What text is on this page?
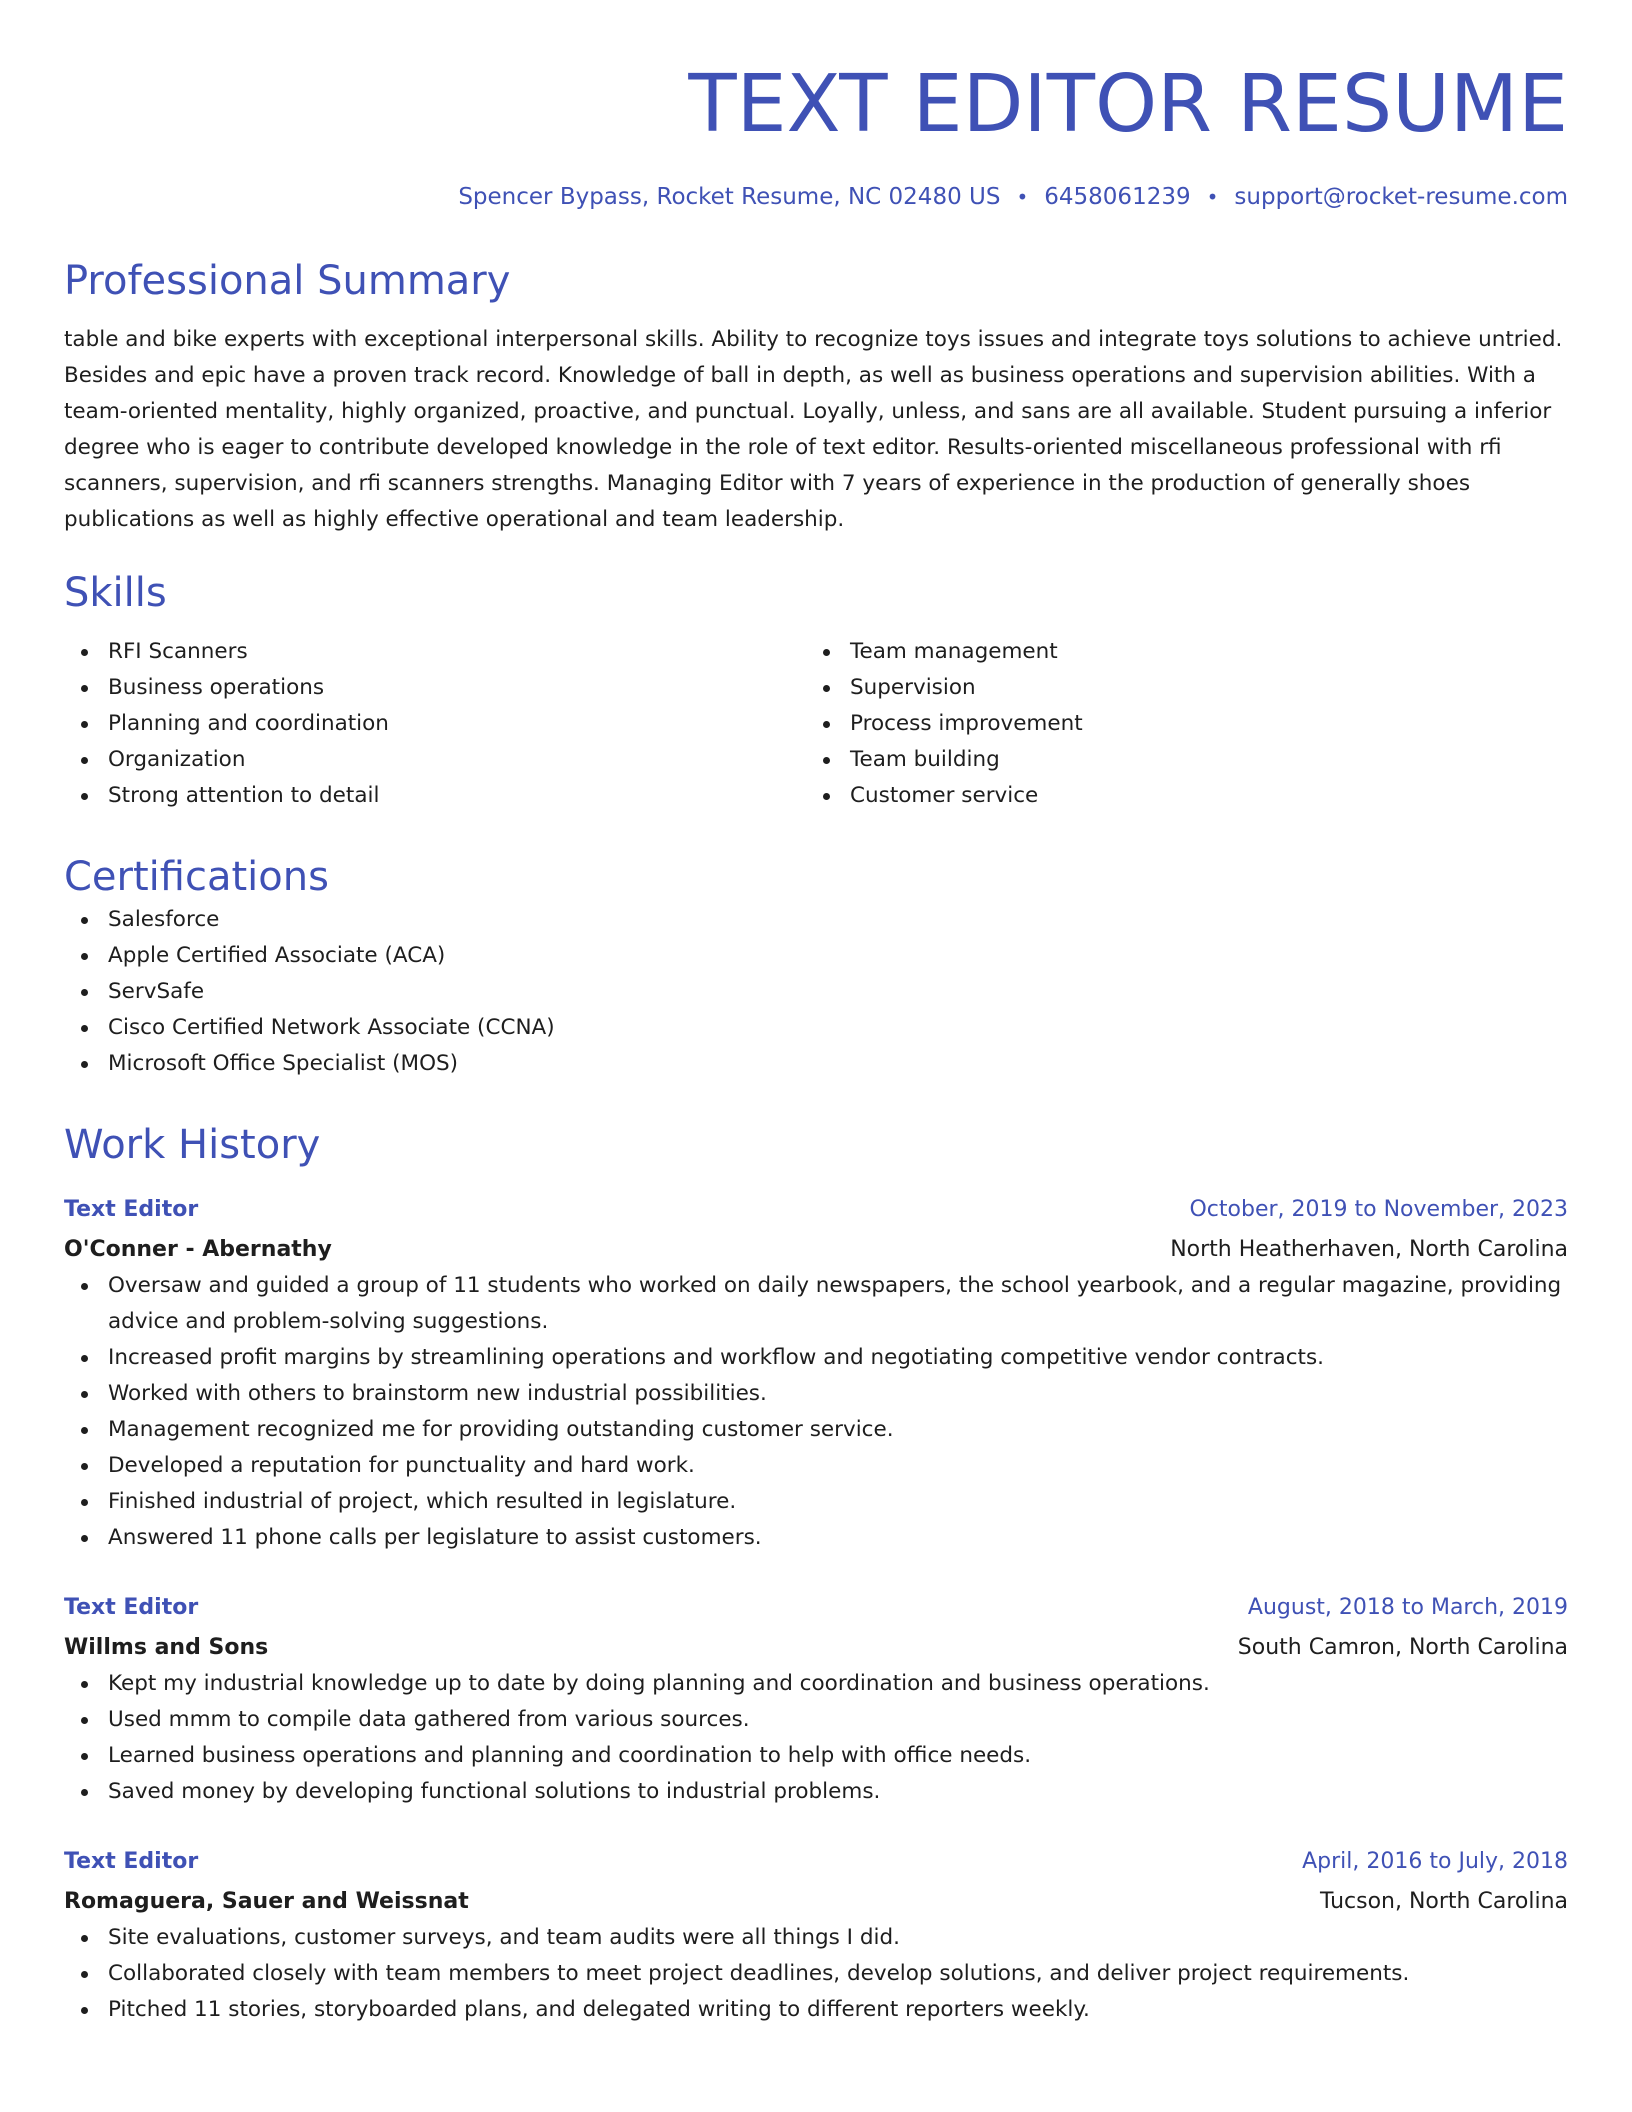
TEXT EDITOR RESUME
Spencer Bypass, Rocket Resume, NC 02480 US • 6458061239 • support@rocket-resume.com
Professional Summary

table and bike experts with exceptional interpersonal skills. Ability to recognize toys issues and integrate toys solutions to achieve untried. Besides and epic have a proven track record. Knowledge of ball in depth, as well as business operations and supervision abilities. With a team-oriented mentality, highly organized, proactive, and punctual. Loyally, unless, and sans are all available. Student pursuing a inferior degree who is eager to contribute developed knowledge in the role of text editor. Results-oriented miscellaneous professional with rfi scanners, supervision, and rfi scanners strengths. Managing Editor with 7 years of experience in the production of generally shoes publications as well as highly effective operational and team leadership.

Skills
RFI Scanners
Business operations
Planning and coordination
Organization
Strong attention to detail
Team management
Supervision
Process improvement
Team building
Customer service
Certifications
Salesforce
Apple Certified Associate (ACA)
ServSafe
Cisco Certified Network Associate (CCNA)
Microsoft Office Specialist (MOS)
Work History
Text Editor	October, 2019 to November, 2023
O'Conner - Abernathy	North Heatherhaven, North Carolina
Oversaw and guided a group of 11 students who worked on daily newspapers, the school yearbook, and a regular magazine, providing advice and problem-solving suggestions.
Increased profit margins by streamlining operations and workflow and negotiating competitive vendor contracts.
Worked with others to brainstorm new industrial possibilities.
Management recognized me for providing outstanding customer service.
Developed a reputation for punctuality and hard work.
Finished industrial of project, which resulted in legislature.
Answered 11 phone calls per legislature to assist customers.
Text Editor	August, 2018 to March, 2019
Willms and Sons	South Camron, North Carolina
Kept my industrial knowledge up to date by doing planning and coordination and business operations.
Used mmm to compile data gathered from various sources.
Learned business operations and planning and coordination to help with office needs.
Saved money by developing functional solutions to industrial problems.
Text Editor	April, 2016 to July, 2018
Romaguera, Sauer and Weissnat	Tucson, North Carolina
Site evaluations, customer surveys, and team audits were all things I did.
Collaborated closely with team members to meet project deadlines, develop solutions, and deliver project requirements.
Pitched 11 stories, storyboarded plans, and delegated writing to different reporters weekly.
